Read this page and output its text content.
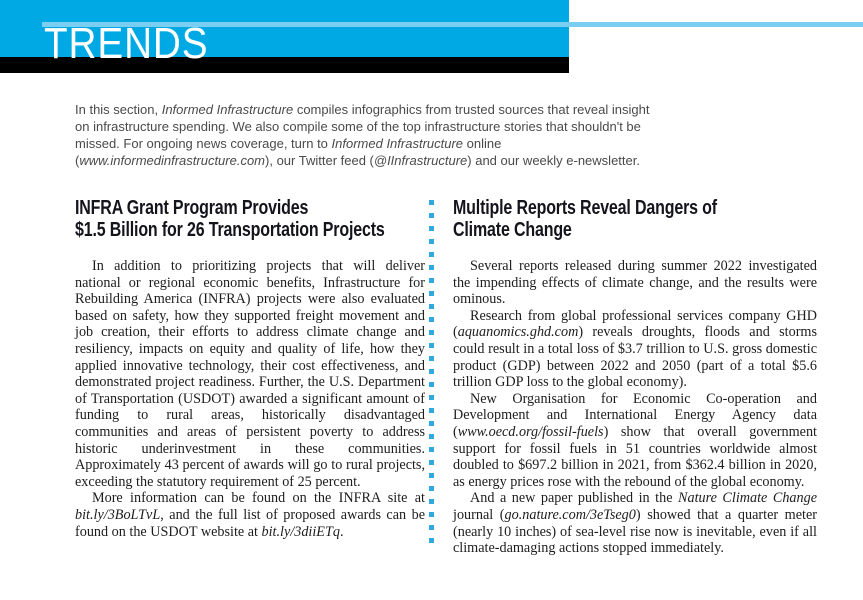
TRENDS

In this section, Informed Infrastructure compiles infographics from trusted sources that reveal insight on infrastructure spending. We also compile some of the top infrastructure stories that shouldn't be missed. For ongoing news coverage, turn to Informed Infrastructure online (www.informedinfrastructure.com), our Twitter feed (@IInfrastructure) and our weekly e-newsletter.

INFRA Grant Program Provides
$1.5 Billion for 26 Transportation Projects

In addition to prioritizing projects that will deliver national or regional economic benefits, Infrastructure for Rebuilding America (INFRA) projects were also evaluated based on safety, how they supported freight movement and job creation, their efforts to address climate change and resiliency, impacts on equity and quality of life, how they applied innovative technology, their cost effectiveness, and demonstrated project readiness. Further, the U.S. Department of Transportation (USDOT) awarded a significant amount of funding to rural areas, historically disadvantaged communities and areas of persistent poverty to address historic underinvestment in these communities. Approximately 43 percent of awards will go to rural projects, exceeding the statutory requirement of 25 percent.

More information can be found on the INFRA site at bit.ly/3BoLTvL, and the full list of proposed awards can be found on the USDOT website at bit.ly/3diiETq.

Multiple Reports Reveal Dangers of
Climate Change

Several reports released during summer 2022 investigated the impending effects of climate change, and the results were ominous.

Research from global professional services company GHD (aquanomics.ghd.com) reveals droughts, floods and storms could result in a total loss of $3.7 trillion to U.S. gross domestic product (GDP) between 2022 and 2050 (part of a total $5.6 trillion GDP loss to the global economy).

New Organisation for Economic Co-operation and Development and International Energy Agency data (www.oecd.org/fossil-fuels) show that overall government support for fossil fuels in 51 countries worldwide almost doubled to $697.2 billion in 2021, from $362.4 billion in 2020, as energy prices rose with the rebound of the global economy.

And a new paper published in the Nature Climate Change journal (go.nature.com/3eTseg0) showed that a quarter meter (nearly 10 inches) of sea-level rise now is inevitable, even if all climate-damaging actions stopped immediately.
